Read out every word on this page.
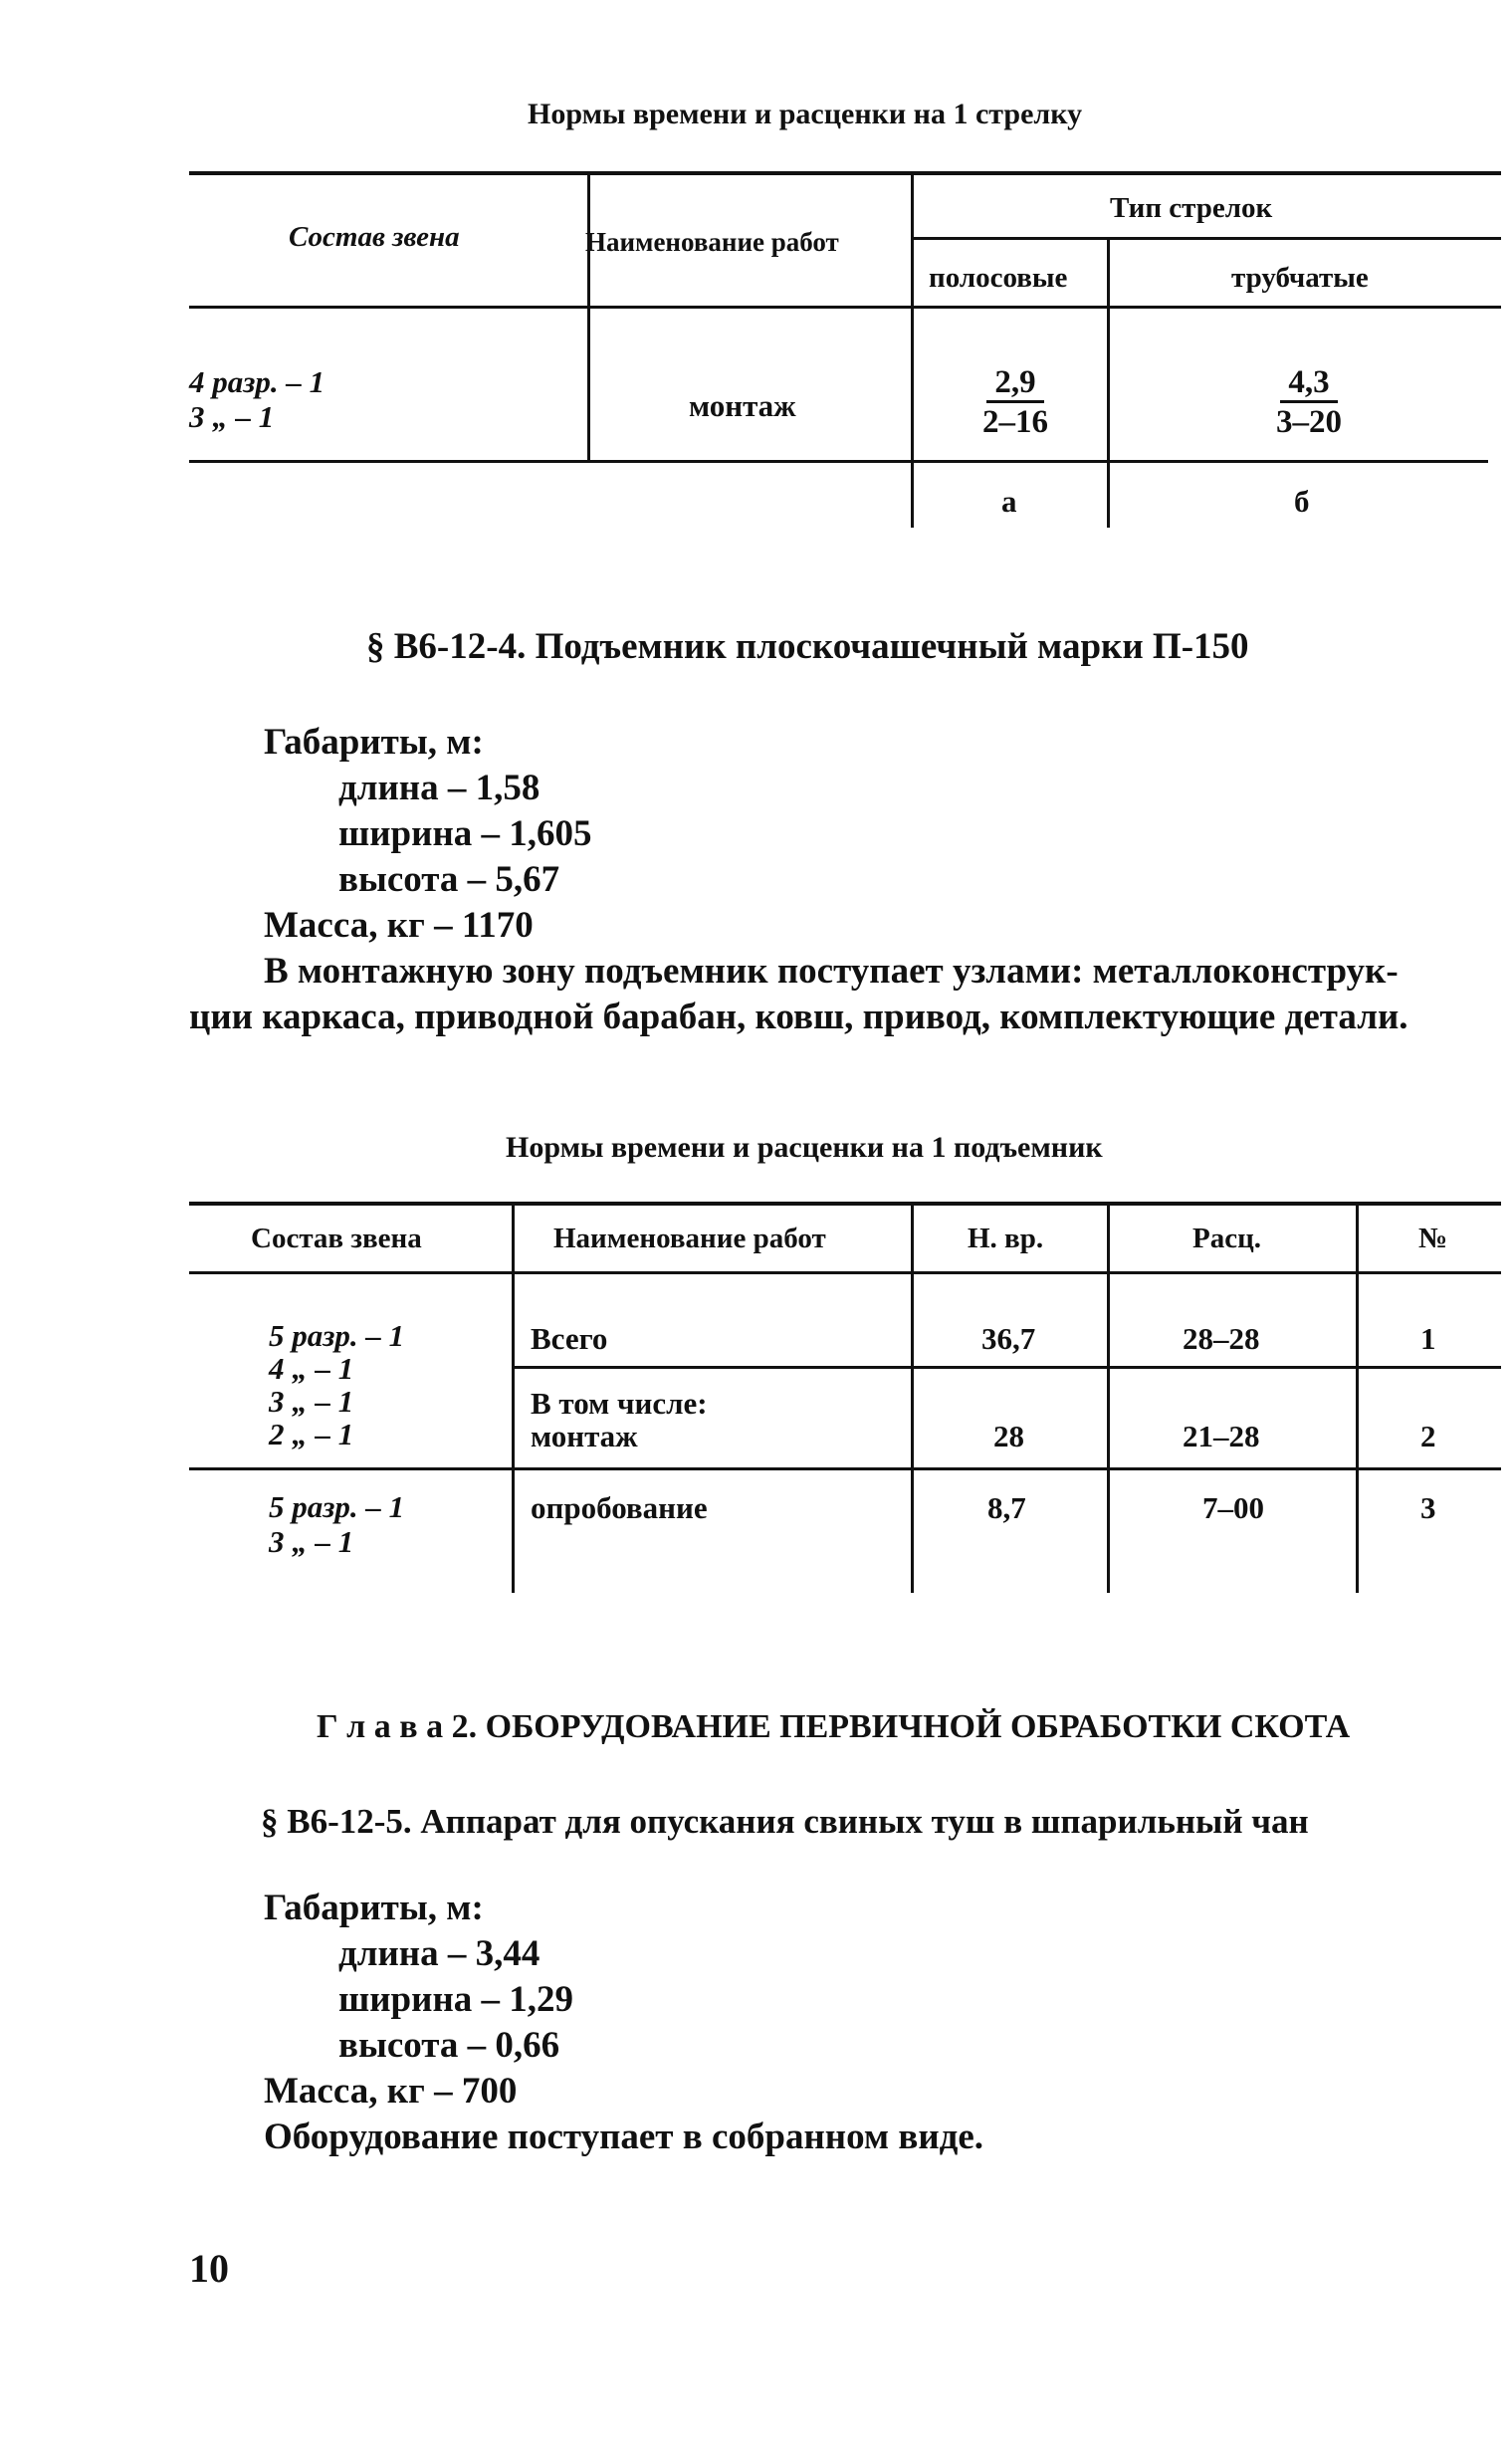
Нормы времени и расценки на 1 стрелку
Состав звена	Наименование работ
Тип стрелок
полосовые	трубчатые
4 разр. – 1
3 „ – 1	монтаж	$\frac{2,9}{2-16}$	$\frac{4,3}{3-20}$
а	б
§ В6-12-4. Подъемник плоскочашечный марки П-150
Габариты, м:
длина – 1,58
ширина – 1,605
высота – 5,67
Масса, кг – 1170
В монтажную зону подъемник поступает узлами: металлоконструк-
ции каркаса, приводной барабан, ковш, привод, комплектующие детали.
Нормы времени и расценки на 1 подъемник
Состав звена	Наименование работ	Н. вр.	Расц.	№
5 разр. – 1
4 „ – 1
3 „ – 1
2 „ – 1
Всего	36,7	28–28	1
В том числе:
монтаж	28	21–28	2
5 разр. – 1
3 „ – 1
опробование	8,7	7–00	3
Г л а в а 2. ОБОРУДОВАНИЕ ПЕРВИЧНОЙ ОБРАБОТКИ СКОТА
§ В6-12-5. Аппарат для опускания свиных туш в шпарильный чан
Габариты, м:
длина – 3,44
ширина – 1,29
высота – 0,66
Масса, кг – 700
Оборудование поступает в собранном виде.
10
